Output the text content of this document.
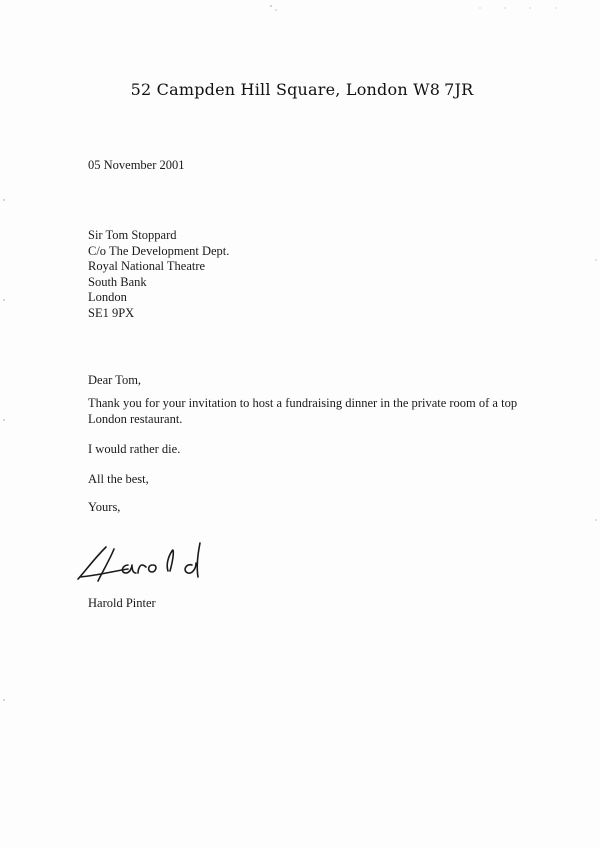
52 Campden Hill Square, London W8 7JR
05 November 2001
Sir Tom Stoppard
C/o The Development Dept.
Royal National Theatre
South Bank
London
SE1 9PX
Dear Tom,
Thank you for your invitation to host a fundraising dinner in the private room of a top London restaurant.
I would rather die.
All the best,
Yours,
Harold Pinter
